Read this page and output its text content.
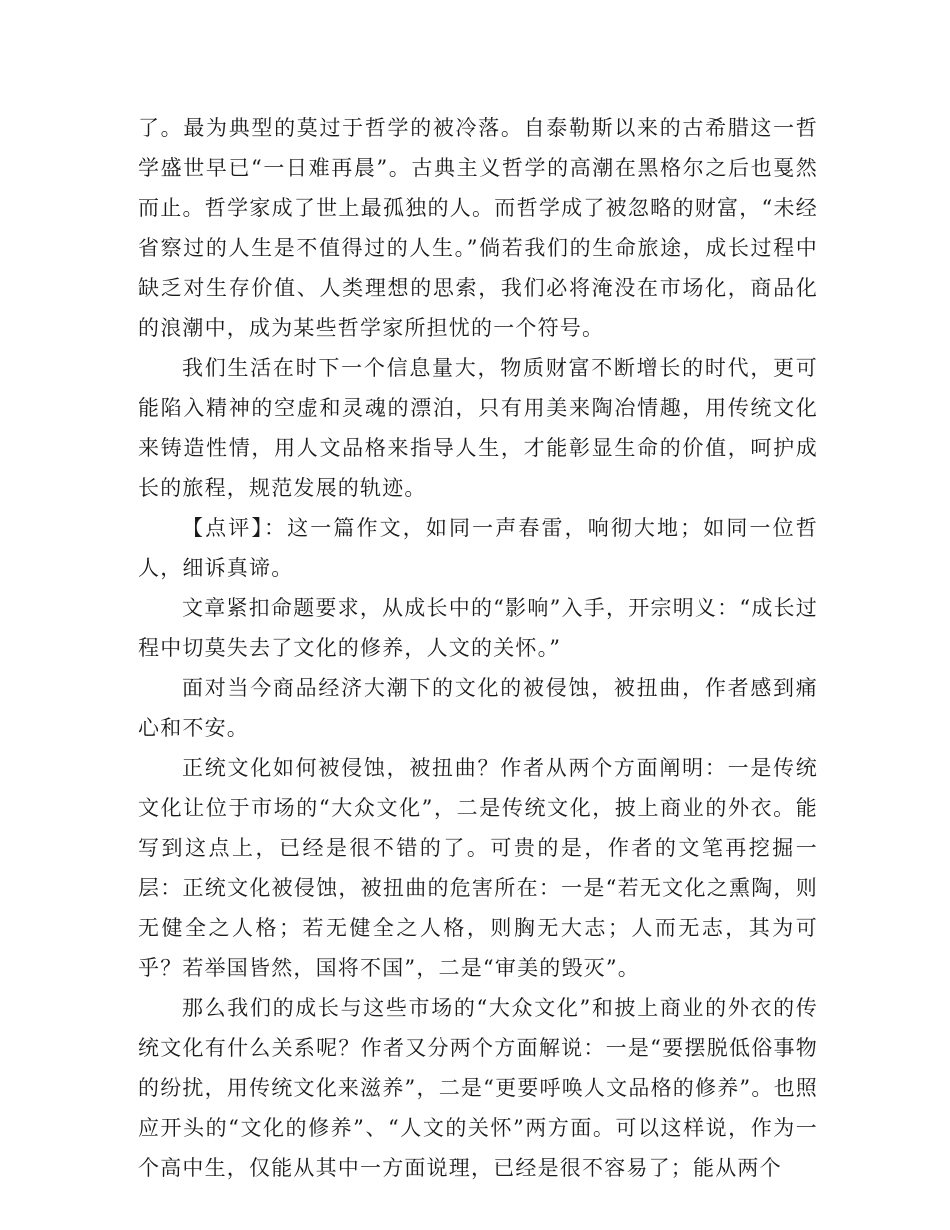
了。最为典型的莫过于哲学的被冷落。自泰勒斯以来的古希腊这一哲学盛世早已“一日难再晨”。古典主义哲学的高潮在黑格尔之后也戛然而止。哲学家成了世上最孤独的人。而哲学成了被忽略的财富，“未经省察过的人生是不值得过的人生。”倘若我们的生命旅途，成长过程中缺乏对生存价值、人类理想的思索，我们必将淹没在市场化，商品化的浪潮中，成为某些哲学家所担忧的一个符号。

我们生活在时下一个信息量大，物质财富不断增长的时代，更可能陷入精神的空虚和灵魂的漂泊，只有用美来陶冶情趣，用传统文化来铸造性情，用人文品格来指导人生，才能彰显生命的价值，呵护成长的旅程，规范发展的轨迹。

【点评】：这一篇作文，如同一声春雷，响彻大地；如同一位哲人，细诉真谛。

文章紧扣命题要求，从成长中的“影响”入手，开宗明义：“成长过程中切莫失去了文化的修养，人文的关怀。”

面对当今商品经济大潮下的文化的被侵蚀，被扭曲，作者感到痛心和不安。

正统文化如何被侵蚀，被扭曲？作者从两个方面阐明：一是传统文化让位于市场的“大众文化”，二是传统文化，披上商业的外衣。能写到这点上，已经是很不错的了。可贵的是，作者的文笔再挖掘一层：正统文化被侵蚀，被扭曲的危害所在：一是“若无文化之熏陶，则无健全之人格；若无健全之人格，则胸无大志；人而无志，其为可乎？若举国皆然，国将不国”，二是“审美的毁灭”。

那么我们的成长与这些市场的“大众文化”和披上商业的外衣的传统文化有什么关系呢？作者又分两个方面解说：一是“要摆脱低俗事物的纷扰，用传统文化来滋养”，二是“更要呼唤人文品格的修养”。也照应开头的“文化的修养”、“人文的关怀”两方面。可以这样说，作为一个高中生，仅能从其中一方面说理，已经是很不容易了；能从两个
